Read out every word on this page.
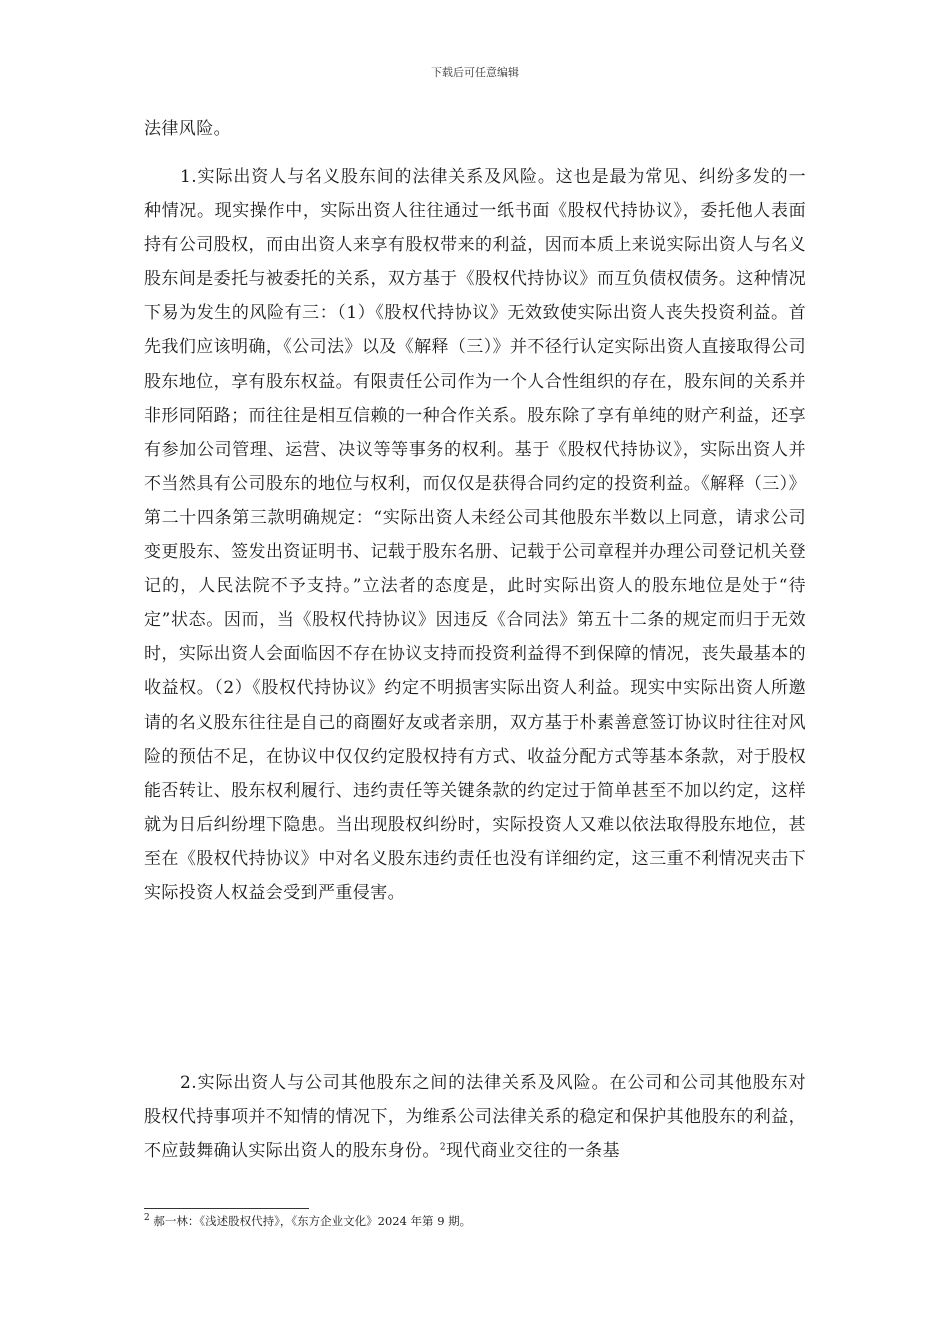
下载后可任意编辑
法律风险。
1.实际出资人与名义股东间的法律关系及风险。这也是最为常见、纠纷多发的一种情况。现实操作中，实际出资人往往通过一纸书面《股权代持协议》，委托他人表面持有公司股权，而由出资人来享有股权带来的利益，因而本质上来说实际出资人与名义股东间是委托与被委托的关系，双方基于《股权代持协议》而互负债权债务。这种情况下易为发生的风险有三：（1）《股权代持协议》无效致使实际出资人丧失投资利益。首先我们应该明确，《公司法》以及《解释（三）》并不径行认定实际出资人直接取得公司股东地位，享有股东权益。有限责任公司作为一个人合性组织的存在，股东间的关系并非形同陌路；而往往是相互信赖的一种合作关系。股东除了享有单纯的财产利益，还享有参加公司管理、运营、决议等等事务的权利。基于《股权代持协议》，实际出资人并不当然具有公司股东的地位与权利，而仅仅是获得合同约定的投资利益。《解释（三）》第二十四条第三款明确规定：“实际出资人未经公司其他股东半数以上同意，请求公司变更股东、签发出资证明书、记载于股东名册、记载于公司章程并办理公司登记机关登记的，人民法院不予支持。”立法者的态度是，此时实际出资人的股东地位是处于“待定”状态。因而，当《股权代持协议》因违反《合同法》第五十二条的规定而归于无效时，实际出资人会面临因不存在协议支持而投资利益得不到保障的情况，丧失最基本的收益权。（2）《股权代持协议》约定不明损害实际出资人利益。现实中实际出资人所邀请的名义股东往往是自己的商圈好友或者亲朋，双方基于朴素善意签订协议时往往对风险的预估不足，在协议中仅仅约定股权持有方式、收益分配方式等基本条款，对于股权能否转让、股东权利履行、违约责任等关键条款的约定过于简单甚至不加以约定，这样就为日后纠纷埋下隐患。当出现股权纠纷时，实际投资人又难以依法取得股东地位，甚至在《股权代持协议》中对名义股东违约责任也没有详细约定，这三重不利情况夹击下实际投资人权益会受到严重侵害。
2.实际出资人与公司其他股东之间的法律关系及风险。在公司和公司其他股东对股权代持事项并不知情的情况下，为维系公司法律关系的稳定和保护其他股东的利益，不应鼓舞确认实际出资人的股东身份。$^2$现代商业交往的一条基
$^2$ 郝一林：《浅述股权代持》，《东方企业文化》2024 年第 9 期。
